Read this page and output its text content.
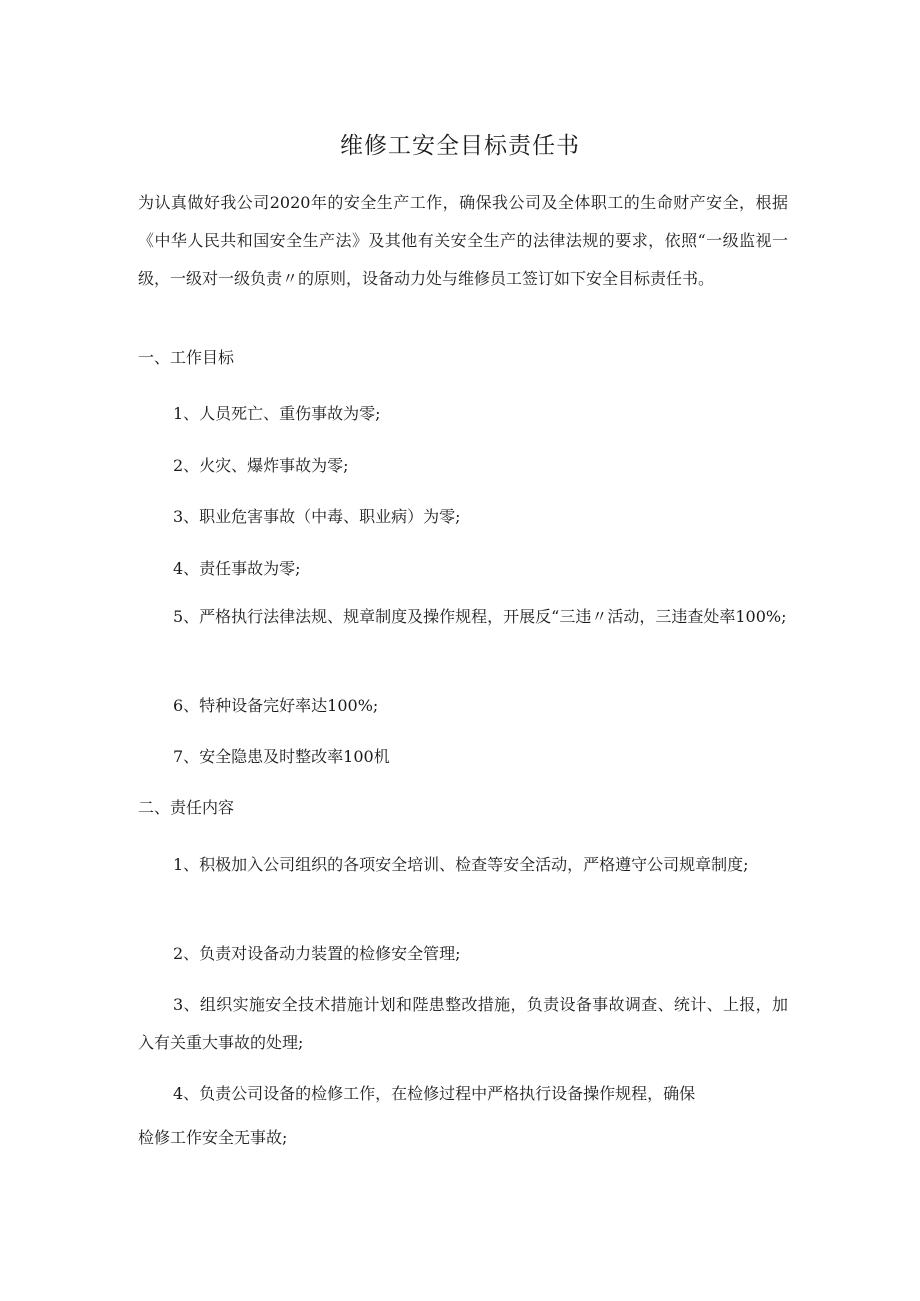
维修工安全目标责任书

为认真做好我公司2020年的安全生产工作，确保我公司及全体职工的生命财产安全，根据《中华人民共和国安全生产法》及其他有关安全生产的法律法规的要求，依照“一级监视一级，一级对一级负责〃的原则，设备动力处与维修员工签订如下安全目标责任书。

一、工作目标

1、人员死亡、重伤事故为零;

2、火灾、爆炸事故为零;

3、职业危害事故（中毒、职业病）为零;

4、责任事故为零;

5、严格执行法律法规、规章制度及操作规程，开展反“三违〃活动，三违查处率100%;

6、特种设备完好率达100%;

7、安全隐患及时整改率100机

二、责任内容

1、积极加入公司组织的各项安全培训、检查等安全活动，严格遵守公司规章制度;

2、负责对设备动力装置的检修安全管理;

3、组织实施安全技术措施计划和陛患整改措施，负责设备事故调查、统计、上报，加入有关重大事故的处理;

4、负责公司设备的检修工作，在检修过程中严格执行设备操作规程，确保

检修工作安全无事故;
